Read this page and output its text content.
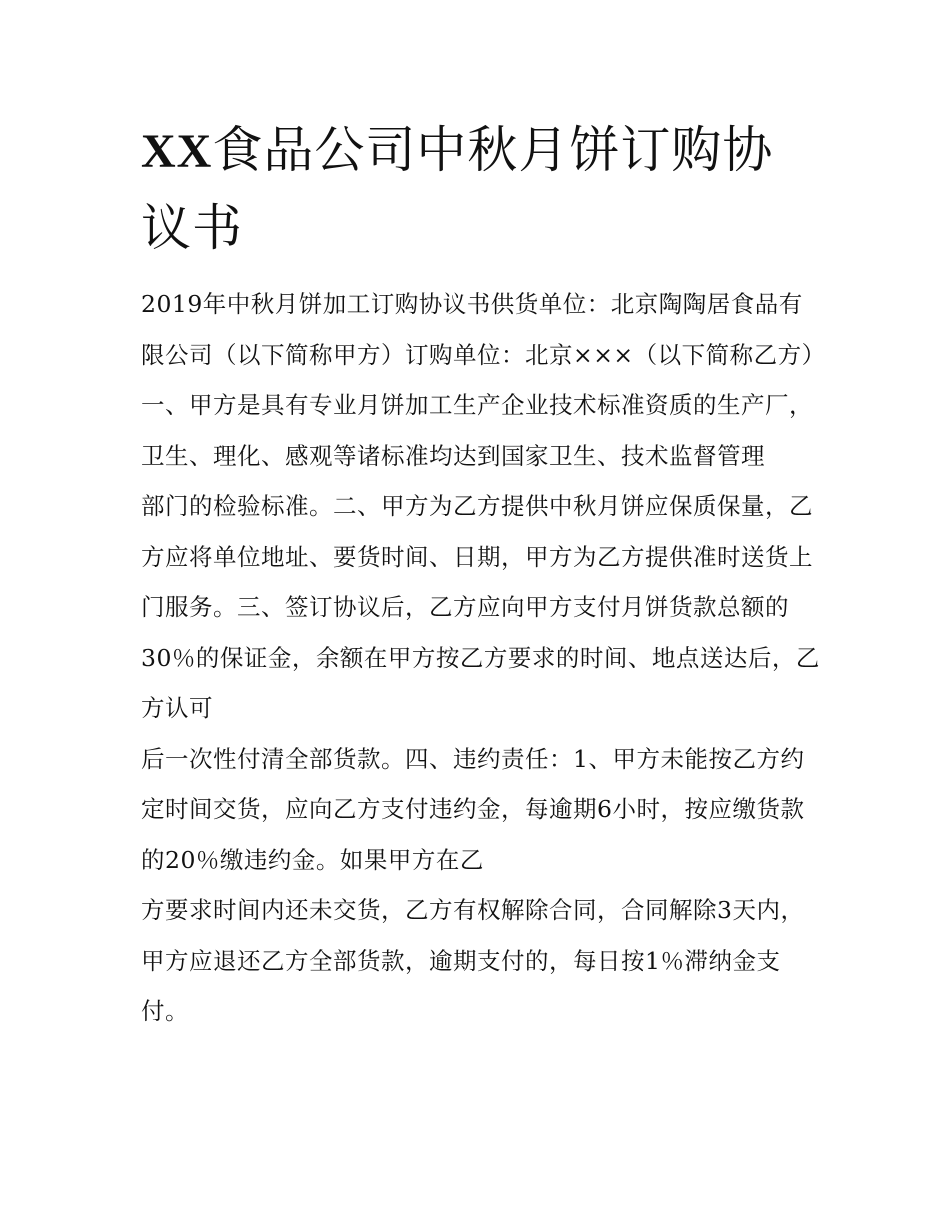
XX食品公司中秋月饼订购协议书

2019年中秋月饼加工订购协议书供货单位：北京陶陶居食品有限公司（以下简称甲方）订购单位：北京×××（以下简称乙方）一、甲方是具有专业月饼加工生产企业技术标准资质的生产厂，卫生、理化、感观等诸标准均达到国家卫生、技术监督管理

部门的检验标准。二、甲方为乙方提供中秋月饼应保质保量，乙方应将单位地址、要货时间、日期，甲方为乙方提供准时送货上门服务。三、签订协议后，乙方应向甲方支付月饼货款总额的30％的保证金，余额在甲方按乙方要求的时间、地点送达后，乙方认可

后一次性付清全部货款。四、违约责任：1、甲方未能按乙方约定时间交货，应向乙方支付违约金，每逾期6小时，按应缴货款的20％缴违约金。如果甲方在乙

方要求时间内还未交货，乙方有权解除合同，合同解除3天内，甲方应退还乙方全部货款，逾期支付的，每日按1％滞纳金支付。
